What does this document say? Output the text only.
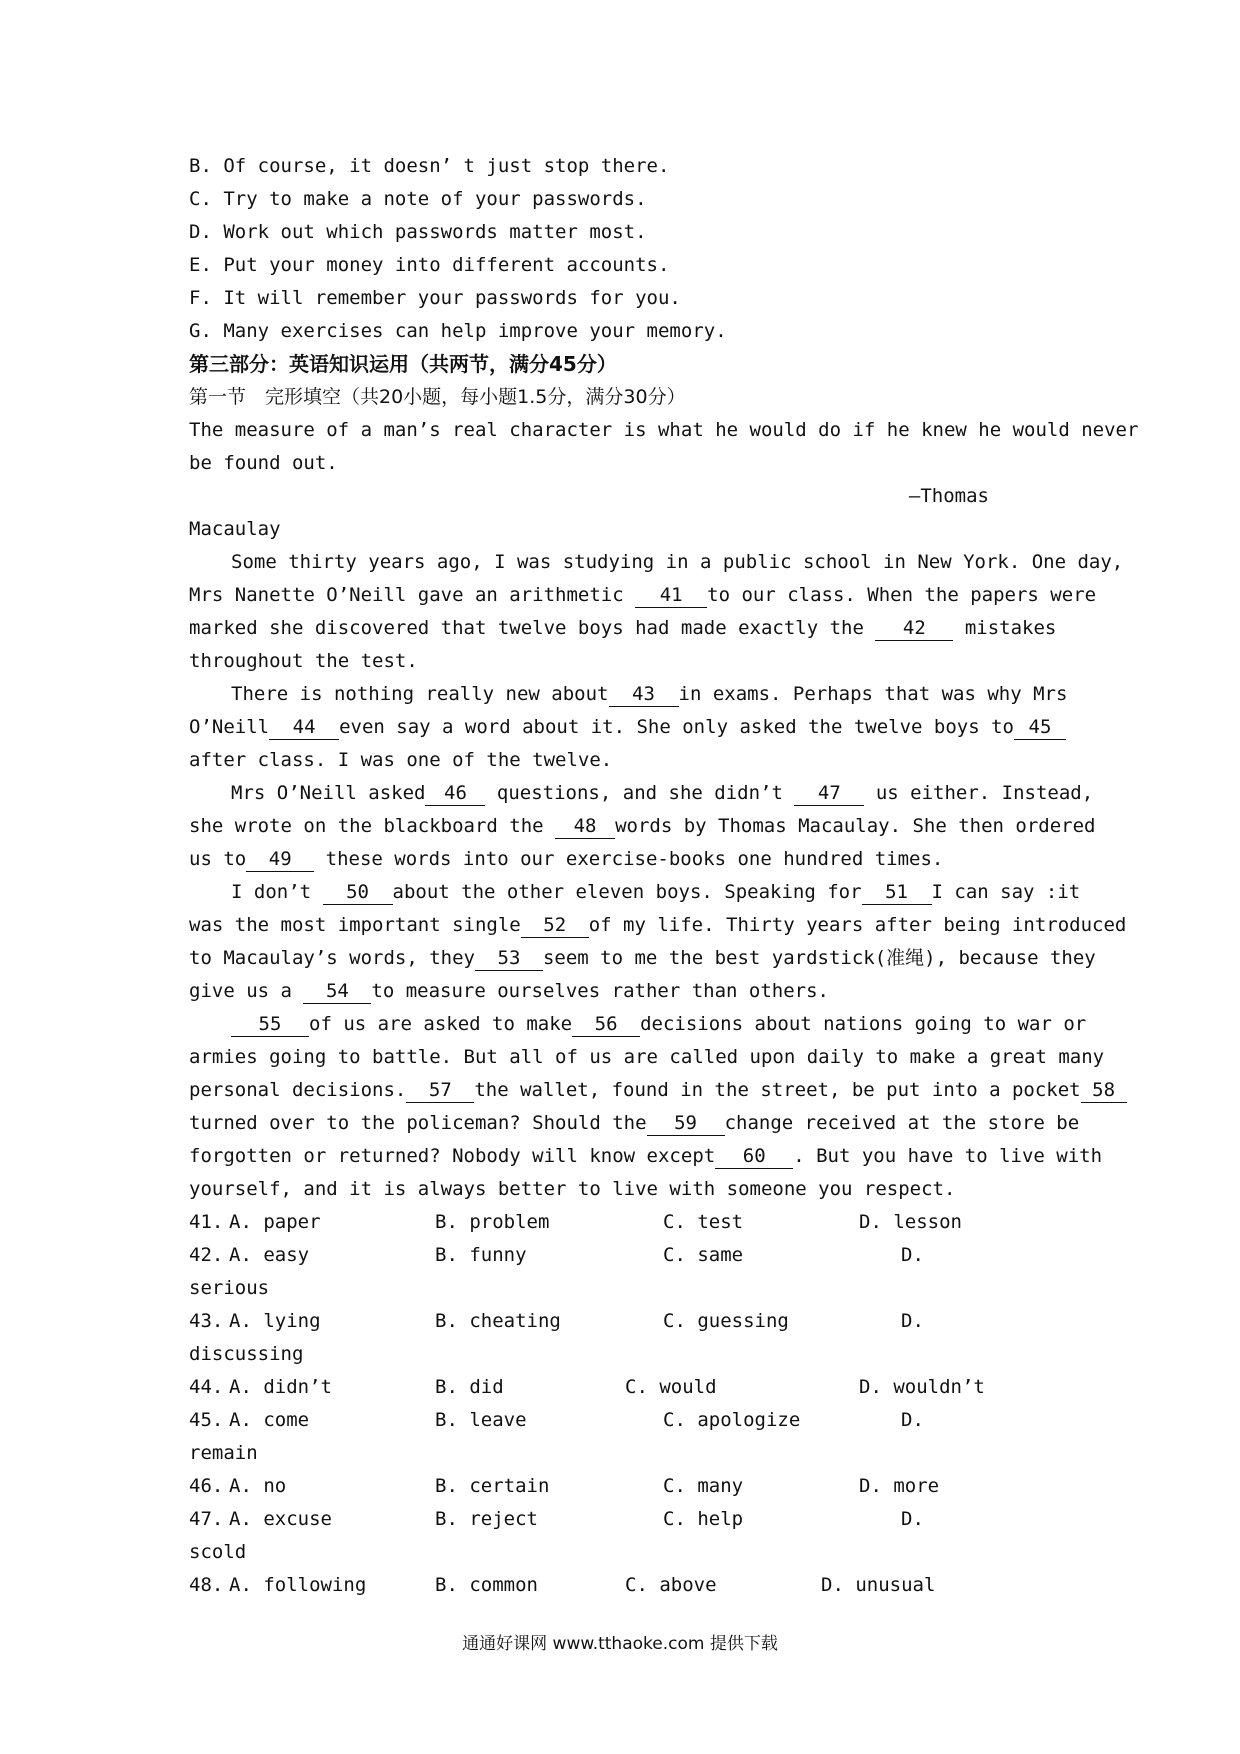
B. Of course, it doesn’ t just stop there.
C. Try to make a note of your passwords.
D. Work out which passwords matter most.
E. Put your money into different accounts.
F. It will remember your passwords for you.
G. Many exercises can help improve your memory.
第三部分：英语知识运用（共两节，满分45分）
第一节　完形填空（共20小题，每小题1.5分，满分30分）
The measure of a man’s real character is what he would do if he knew he would never
be found out.
—Thomas
Macaulay
Some thirty years ago, I was studying in a public school in New York. One day,
Mrs Nanette O’Neill gave an arithmetic 41 to our class. When the papers were
marked she discovered that twelve boys had made exactly the 42 mistakes
throughout the test.
There is nothing really new about 43 in exams. Perhaps that was why Mrs
O’Neill 44 even say a word about it. She only asked the twelve boys to 45
after class. I was one of the twelve.
Mrs O’Neill asked 46 questions, and she didn’t 47 us either. Instead,
she wrote on the blackboard the 48 words by Thomas Macaulay. She then ordered
us to 49 these words into our exercise-books one hundred times.
I don’t 50 about the other eleven boys. Speaking for 51 I can say :it
was the most important single 52 of my life. Thirty years after being introduced
to Macaulay’s words, they 53 seem to me the best yardstick(准绳), because they
give us a 54 to measure ourselves rather than others.
55 of us are asked to make 56 decisions about nations going to war or
armies going to battle. But all of us are called upon daily to make a great many
personal decisions. 57 the wallet, found in the street, be put into a pocket 58
turned over to the policeman? Should the 59 change received at the store be
forgotten or returned? Nobody will know except 60 . But you have to live with
yourself, and it is always better to live with someone you respect.
41. A. paper	B. problem	C. test	D. lesson
42. A. easy	B. funny	C. same	D.
serious
43. A. lying	B. cheating	C. guessing	D.
discussing
44. A. didn’t	B. did	C. would	D. wouldn’t
45. A. come	B. leave	C. apologize	D.
remain
46. A. no	B. certain	C. many	D. more
47. A. excuse	B. reject	C. help	D.
scold
48. A. following	B. common	C. above	D. unusual
通通好课网 www.tthaoke.com 提供下载
